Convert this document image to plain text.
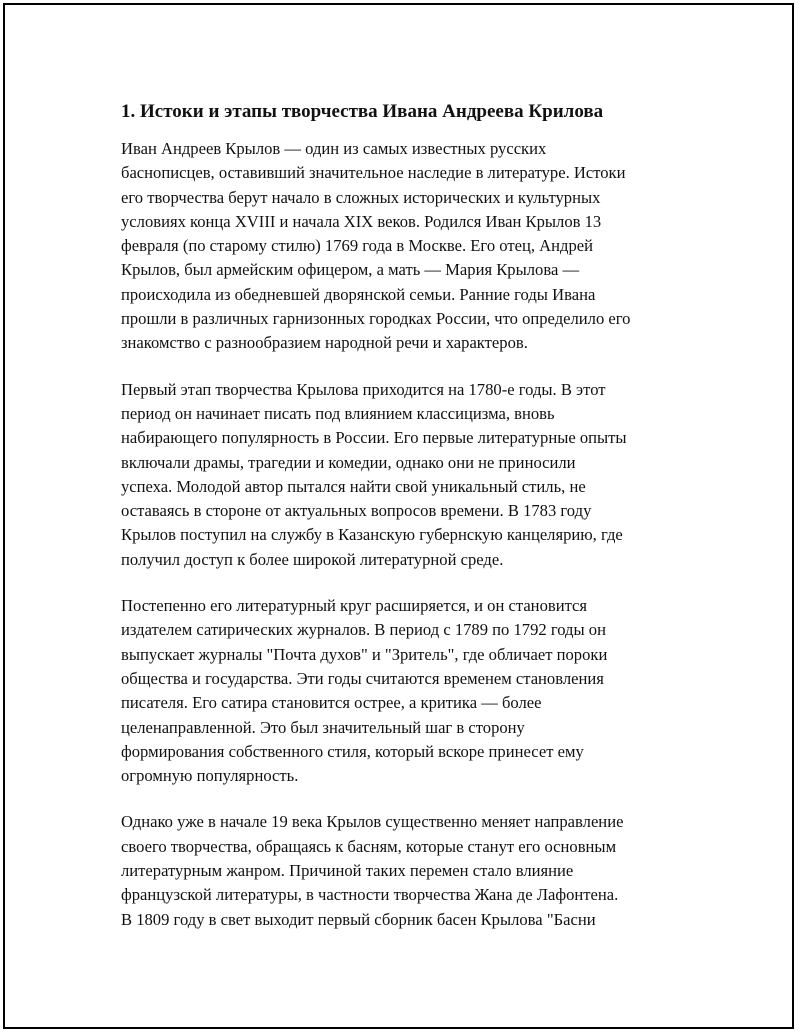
1. Истоки и этапы творчества Ивана Андреева Крилова
Иван Андреев Крылов — один из самых известных русских
баснописцев, оставивший значительное наследие в литературе. Истоки
его творчества берут начало в сложных исторических и культурных
условиях конца XVIII и начала XIX веков. Родился Иван Крылов 13
февраля (по старому стилю) 1769 года в Москве. Его отец, Андрей
Крылов, был армейским офицером, а мать — Мария Крылова —
происходила из обедневшей дворянской семьи. Ранние годы Ивана
прошли в различных гарнизонных городках России, что определило его
знакомство с разнообразием народной речи и характеров.
Первый этап творчества Крылова приходится на 1780-е годы. В этот
период он начинает писать под влиянием классицизма, вновь
набирающего популярность в России. Его первые литературные опыты
включали драмы, трагедии и комедии, однако они не приносили
успеха. Молодой автор пытался найти свой уникальный стиль, не
оставаясь в стороне от актуальных вопросов времени. В 1783 году
Крылов поступил на службу в Казанскую губернскую канцелярию, где
получил доступ к более широкой литературной среде.
Постепенно его литературный круг расширяется, и он становится
издателем сатирических журналов. В период с 1789 по 1792 годы он
выпускает журналы "Почта духов" и "Зритель", где обличает пороки
общества и государства. Эти годы считаются временем становления
писателя. Его сатира становится острее, а критика — более
целенаправленной. Это был значительный шаг в сторону
формирования собственного стиля, который вскоре принесет ему
огромную популярность.
Однако уже в начале 19 века Крылов существенно меняет направление
своего творчества, обращаясь к басням, которые станут его основным
литературным жанром. Причиной таких перемен стало влияние
французской литературы, в частности творчества Жана де Лафонтена.
В 1809 году в свет выходит первый сборник басен Крылова "Басни
